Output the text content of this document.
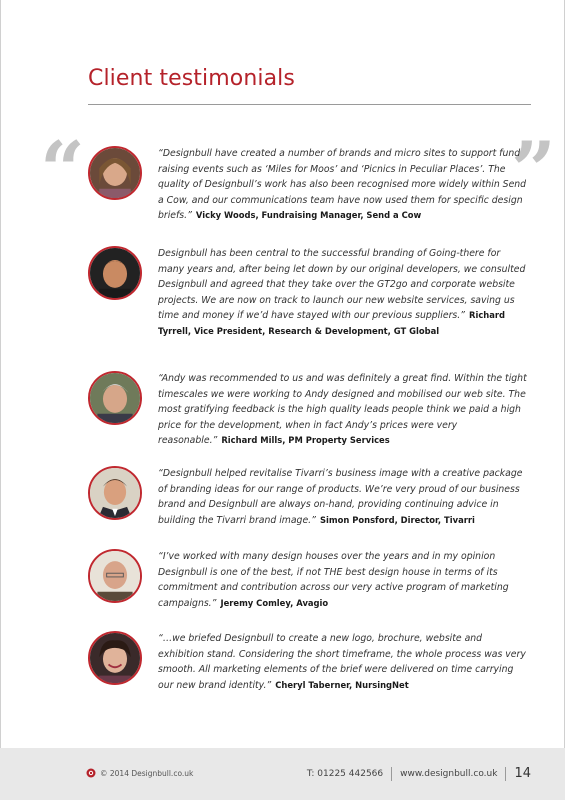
Client testimonials
“	”

“Designbull have created a number of brands and micro sites to support fund raising events such as ‘Miles for Moos’ and ‘Picnics in Peculiar Places’. The quality of Designbull’s work has also been recognised more widely within Send a Cow, and our communications team have now used them for specific design briefs.” Vicky Woods, Fundraising Manager, Send a Cow

Designbull has been central to the successful branding of Going-there for many years and, after being let down by our original developers, we consulted Designbull and agreed that they take over the GT2go and corporate website projects. We are now on track to launch our new website services, saving us time and money if we’d have stayed with our previous suppliers.” Richard Tyrrell, Vice President, Research & Development, GT Global

“Andy was recommended to us and was definitely a great find. Within the tight timescales we were working to Andy designed and mobilised our web site. The most gratifying feedback is the high quality leads people think we paid a high price for the development, when in fact Andy’s prices were very reasonable.” Richard Mills, PM Property Services

“Designbull helped revitalise Tivarri’s business image with a creative package of branding ideas for our range of products. We’re very proud of our business brand and Designbull are always on-hand, providing continuing advice in building the Tivarri brand image.” Simon Ponsford, Director, Tivarri

“I’ve worked with many design houses over the years and in my opinion Designbull is one of the best, if not THE best design house in terms of its commitment and contribution across our very active program of marketing campaigns.” Jeremy Comley, Avagio

“…we briefed Designbull to create a new logo, brochure, website and exhibition stand. Considering the short timeframe, the whole process was very smooth. All marketing elements of the brief were delivered on time carrying our new brand identity.” Cheryl Taberner, NursingNet

© 2014 Designbull.co.uk	T: 01225 442566 www.designbull.co.uk 14
